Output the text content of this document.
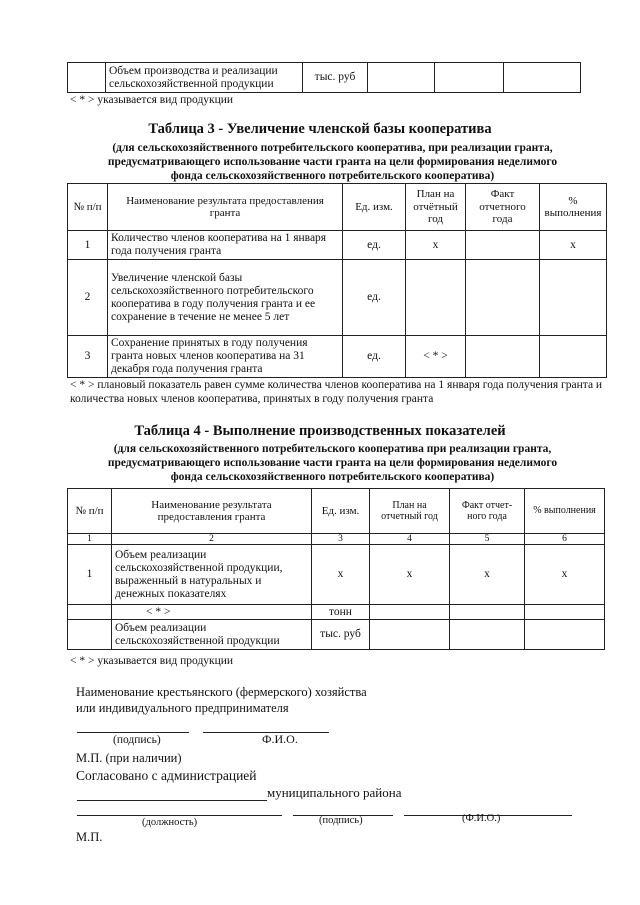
	Объем производства и реализации сельскохозяйственной продукции	тыс. руб			
< * > указывается вид продукции
Таблица 3 - Увеличение членской базы кооператива
(для сельскохозяйственного потребительского кооператива, при реализации гранта,
предусматривающего использование части гранта на цели формирования неделимого
фонда сельскохозяйственного потребительского кооператива)
№ п/п	Наименование результата предоставления гранта	Ед. изм.	План на отчётный год	Факт отчетного года	% выполнения
1	Количество членов кооператива на 1 января года получения гранта	ед.	х		х
2	Увеличение членской базы сельскохозяйственного потребительского кооператива в году получения гранта и ее сохранение в течение не менее 5 лет	ед.			
3	Сохранение принятых в году получения гранта новых членов кооператива на 31 декабря года получения гранта	ед.	< * >		
< * > плановый показатель равен сумме количества членов кооператива на 1 января года получения гранта и количества новых членов кооператива, принятых в году получения гранта
Таблица 4 - Выполнение производственных показателей
(для сельскохозяйственного потребительского кооператива при реализации гранта,
предусматривающего использование части гранта на цели формирования неделимого
фонда сельскохозяйственного потребительского кооператива)
№ п/п	Наименование результата предоставления гранта	Ед. изм.	План на отчетный год	Факт отчет-ного года	% выполнения
1	2	3	4	5	6
1	Объем реализации сельскохозяйственной продукции, выраженный в натуральных и денежных показателях	х	х	х	х
	< * >	тонн			
	Объем реализации сельскохозяйственной продукции	тыс. руб			
< * > указывается вид продукции
Наименование крестьянского (фермерского) хозяйства
или индивидуального предпринимателя
(подпись)	Ф.И.О.
М.П. (при наличии)
Согласовано с администрацией
муниципального района
(должность)	(подпись)	(Ф.И.О.)
М.П.
